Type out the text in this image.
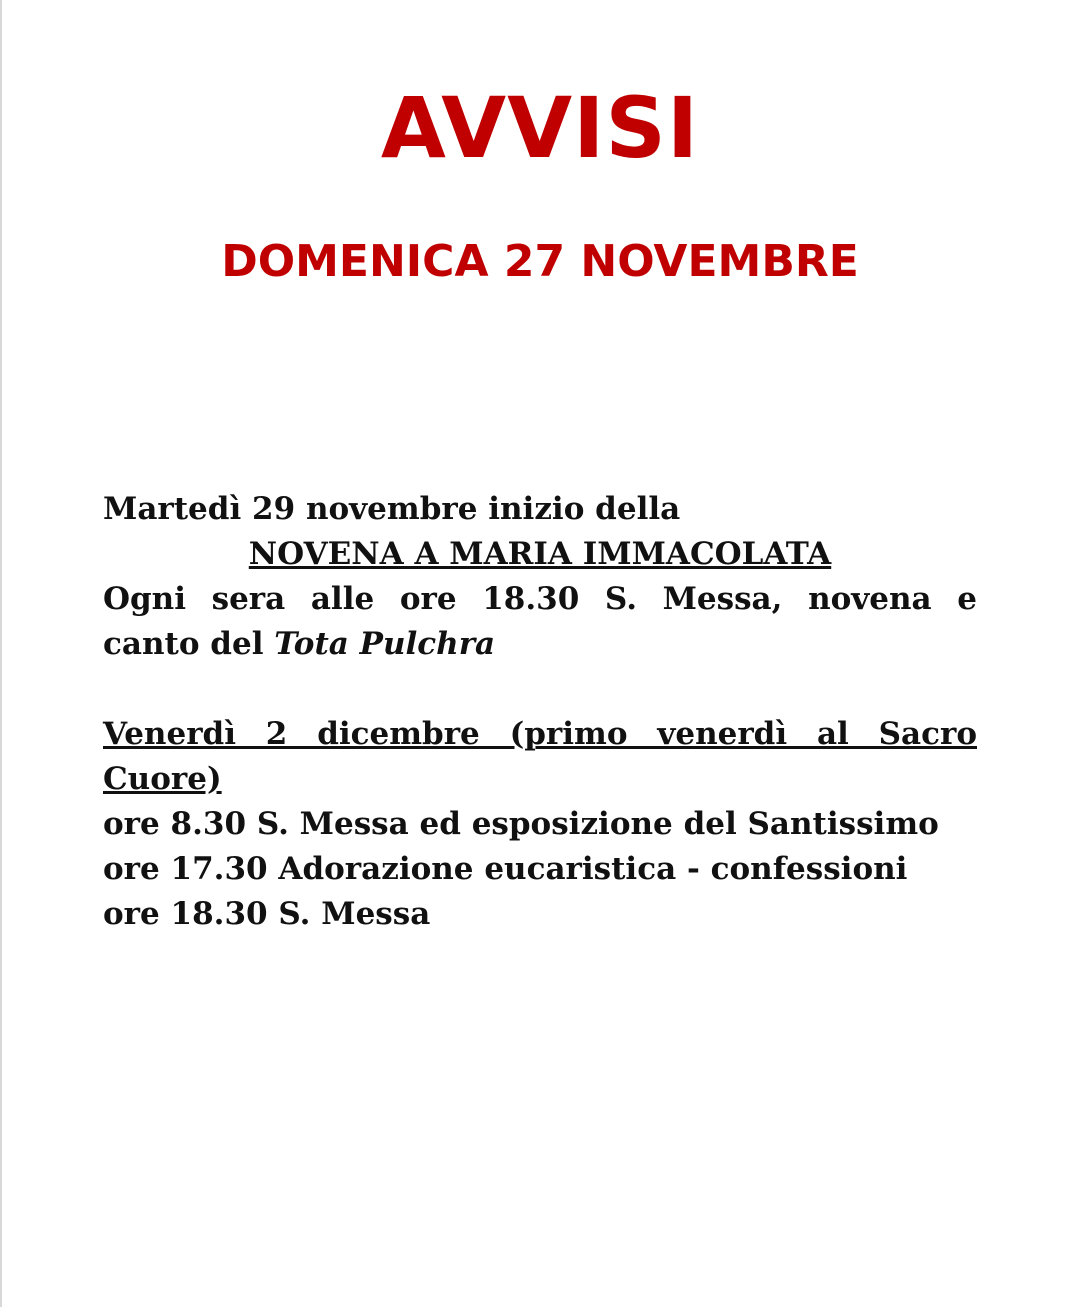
AVVISI
DOMENICA 27 NOVEMBRE
Martedì 29 novembre inizio della
NOVENA A MARIA IMMACOLATA
Ogni sera alle ore 18.30 S. Messa, novena e
canto del Tota Pulchra
Venerdì 2 dicembre (primo venerdì al Sacro
Cuore)
ore 8.30 S. Messa ed esposizione del Santissimo
ore 17.30 Adorazione eucaristica - confessioni
ore 18.30 S. Messa
